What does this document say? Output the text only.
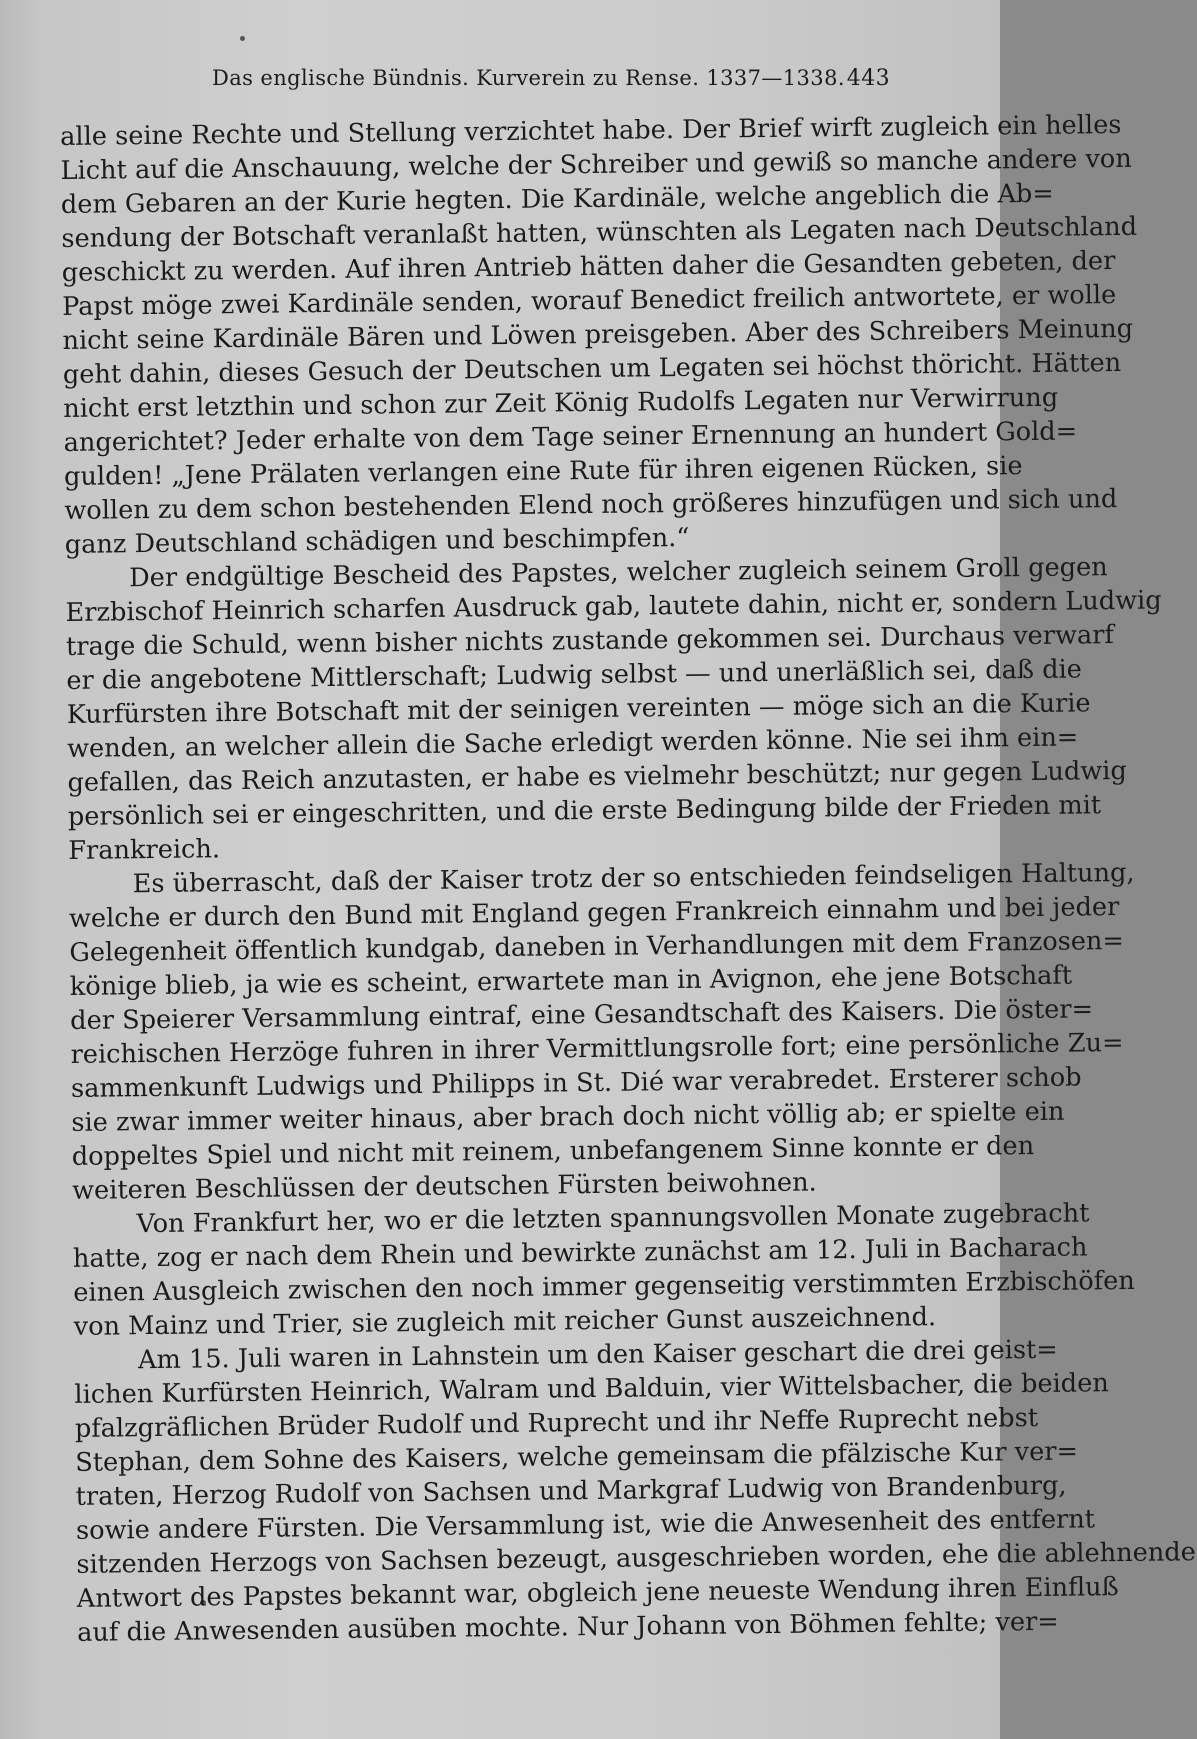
Das englische Bündnis. Kurverein zu Rense. 1337—1338. 443

alle seine Rechte und Stellung verzichtet habe. Der Brief wirft zugleich ein helles
Licht auf die Anschauung, welche der Schreiber und gewiß so manche andere von
dem Gebaren an der Kurie hegten. Die Kardinäle, welche angeblich die Ab=
sendung der Botschaft veranlaßt hatten, wünschten als Legaten nach Deutschland
geschickt zu werden. Auf ihren Antrieb hätten daher die Gesandten gebeten, der
Papst möge zwei Kardinäle senden, worauf Benedict freilich antwortete, er wolle
nicht seine Kardinäle Bären und Löwen preisgeben. Aber des Schreibers Meinung
geht dahin, dieses Gesuch der Deutschen um Legaten sei höchst thöricht. Hätten
nicht erst letzthin und schon zur Zeit König Rudolfs Legaten nur Verwirrung
angerichtet? Jeder erhalte von dem Tage seiner Ernennung an hundert Gold=
gulden! „Jene Prälaten verlangen eine Rute für ihren eigenen Rücken, sie
wollen zu dem schon bestehenden Elend noch größeres hinzufügen und sich und
ganz Deutschland schädigen und beschimpfen.“

Der endgültige Bescheid des Papstes, welcher zugleich seinem Groll gegen
Erzbischof Heinrich scharfen Ausdruck gab, lautete dahin, nicht er, sondern Ludwig
trage die Schuld, wenn bisher nichts zustande gekommen sei. Durchaus verwarf
er die angebotene Mittlerschaft; Ludwig selbst — und unerläßlich sei, daß die
Kurfürsten ihre Botschaft mit der seinigen vereinten — möge sich an die Kurie
wenden, an welcher allein die Sache erledigt werden könne. Nie sei ihm ein=
gefallen, das Reich anzutasten, er habe es vielmehr beschützt; nur gegen Ludwig
persönlich sei er eingeschritten, und die erste Bedingung bilde der Frieden mit
Frankreich.

Es überrascht, daß der Kaiser trotz der so entschieden feindseligen Haltung,
welche er durch den Bund mit England gegen Frankreich einnahm und bei jeder
Gelegenheit öffentlich kundgab, daneben in Verhandlungen mit dem Franzosen=
könige blieb, ja wie es scheint, erwartete man in Avignon, ehe jene Botschaft
der Speierer Versammlung eintraf, eine Gesandtschaft des Kaisers. Die öster=
reichischen Herzöge fuhren in ihrer Vermittlungsrolle fort; eine persönliche Zu=
sammenkunft Ludwigs und Philipps in St. Dié war verabredet. Ersterer schob
sie zwar immer weiter hinaus, aber brach doch nicht völlig ab; er spielte ein
doppeltes Spiel und nicht mit reinem, unbefangenem Sinne konnte er den
weiteren Beschlüssen der deutschen Fürsten beiwohnen.

Von Frankfurt her, wo er die letzten spannungsvollen Monate zugebracht
hatte, zog er nach dem Rhein und bewirkte zunächst am 12. Juli in Bacharach
einen Ausgleich zwischen den noch immer gegenseitig verstimmten Erzbischöfen
von Mainz und Trier, sie zugleich mit reicher Gunst auszeichnend.

Am 15. Juli waren in Lahnstein um den Kaiser geschart die drei geist=
lichen Kurfürsten Heinrich, Walram und Balduin, vier Wittelsbacher, die beiden
pfalzgräflichen Brüder Rudolf und Ruprecht und ihr Neffe Ruprecht nebst
Stephan, dem Sohne des Kaisers, welche gemeinsam die pfälzische Kur ver=
traten, Herzog Rudolf von Sachsen und Markgraf Ludwig von Brandenburg,
sowie andere Fürsten. Die Versammlung ist, wie die Anwesenheit des entfernt
sitzenden Herzogs von Sachsen bezeugt, ausgeschrieben worden, ehe die ablehnende
Antwort des Papstes bekannt war, obgleich jene neueste Wendung ihren Einfluß
auf die Anwesenden ausüben mochte. Nur Johann von Böhmen fehlte; ver=
